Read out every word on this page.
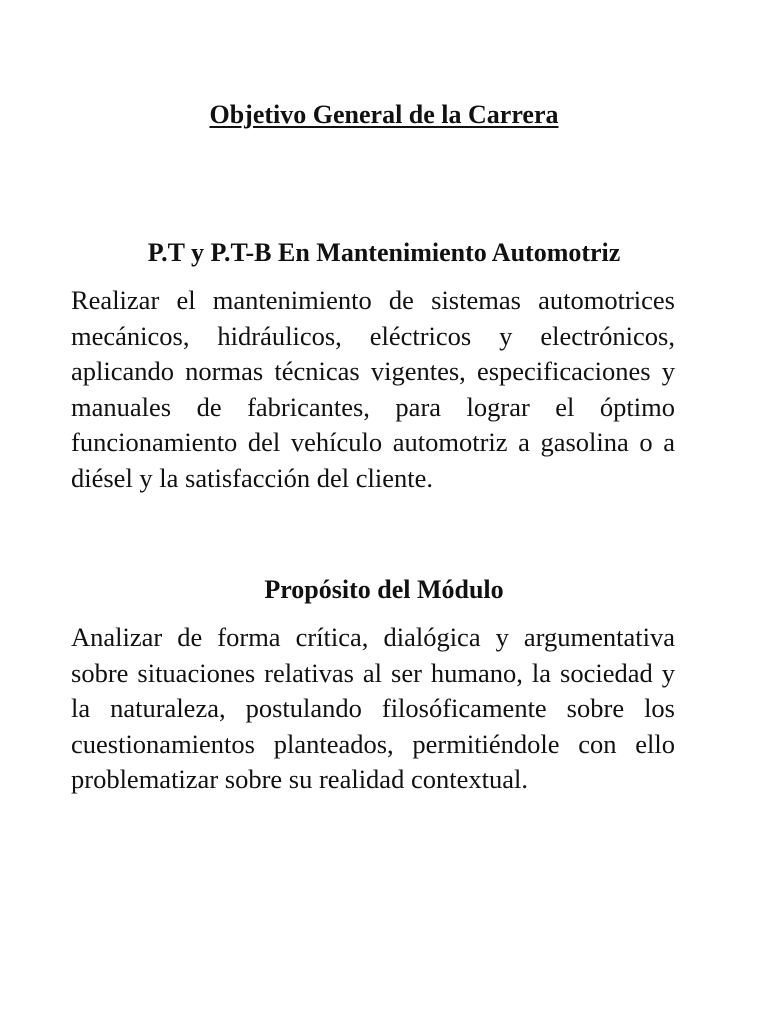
Objetivo General de la Carrera
P.T y P.T-B En Mantenimiento Automotriz

Realizar el mantenimiento de sistemas automotrices mecánicos, hidráulicos, eléctricos y electrónicos, aplicando normas técnicas vigentes, especificaciones y manuales de fabricantes, para lograr el óptimo funcionamiento del vehículo automotriz a gasolina o a diésel y la satisfacción del cliente.

Propósito del Módulo

Analizar de forma crítica, dialógica y argumentativa sobre situaciones relativas al ser humano, la sociedad y la naturaleza, postulando filosóficamente sobre los cuestionamientos planteados, permitiéndole con ello problematizar sobre su realidad contextual.
